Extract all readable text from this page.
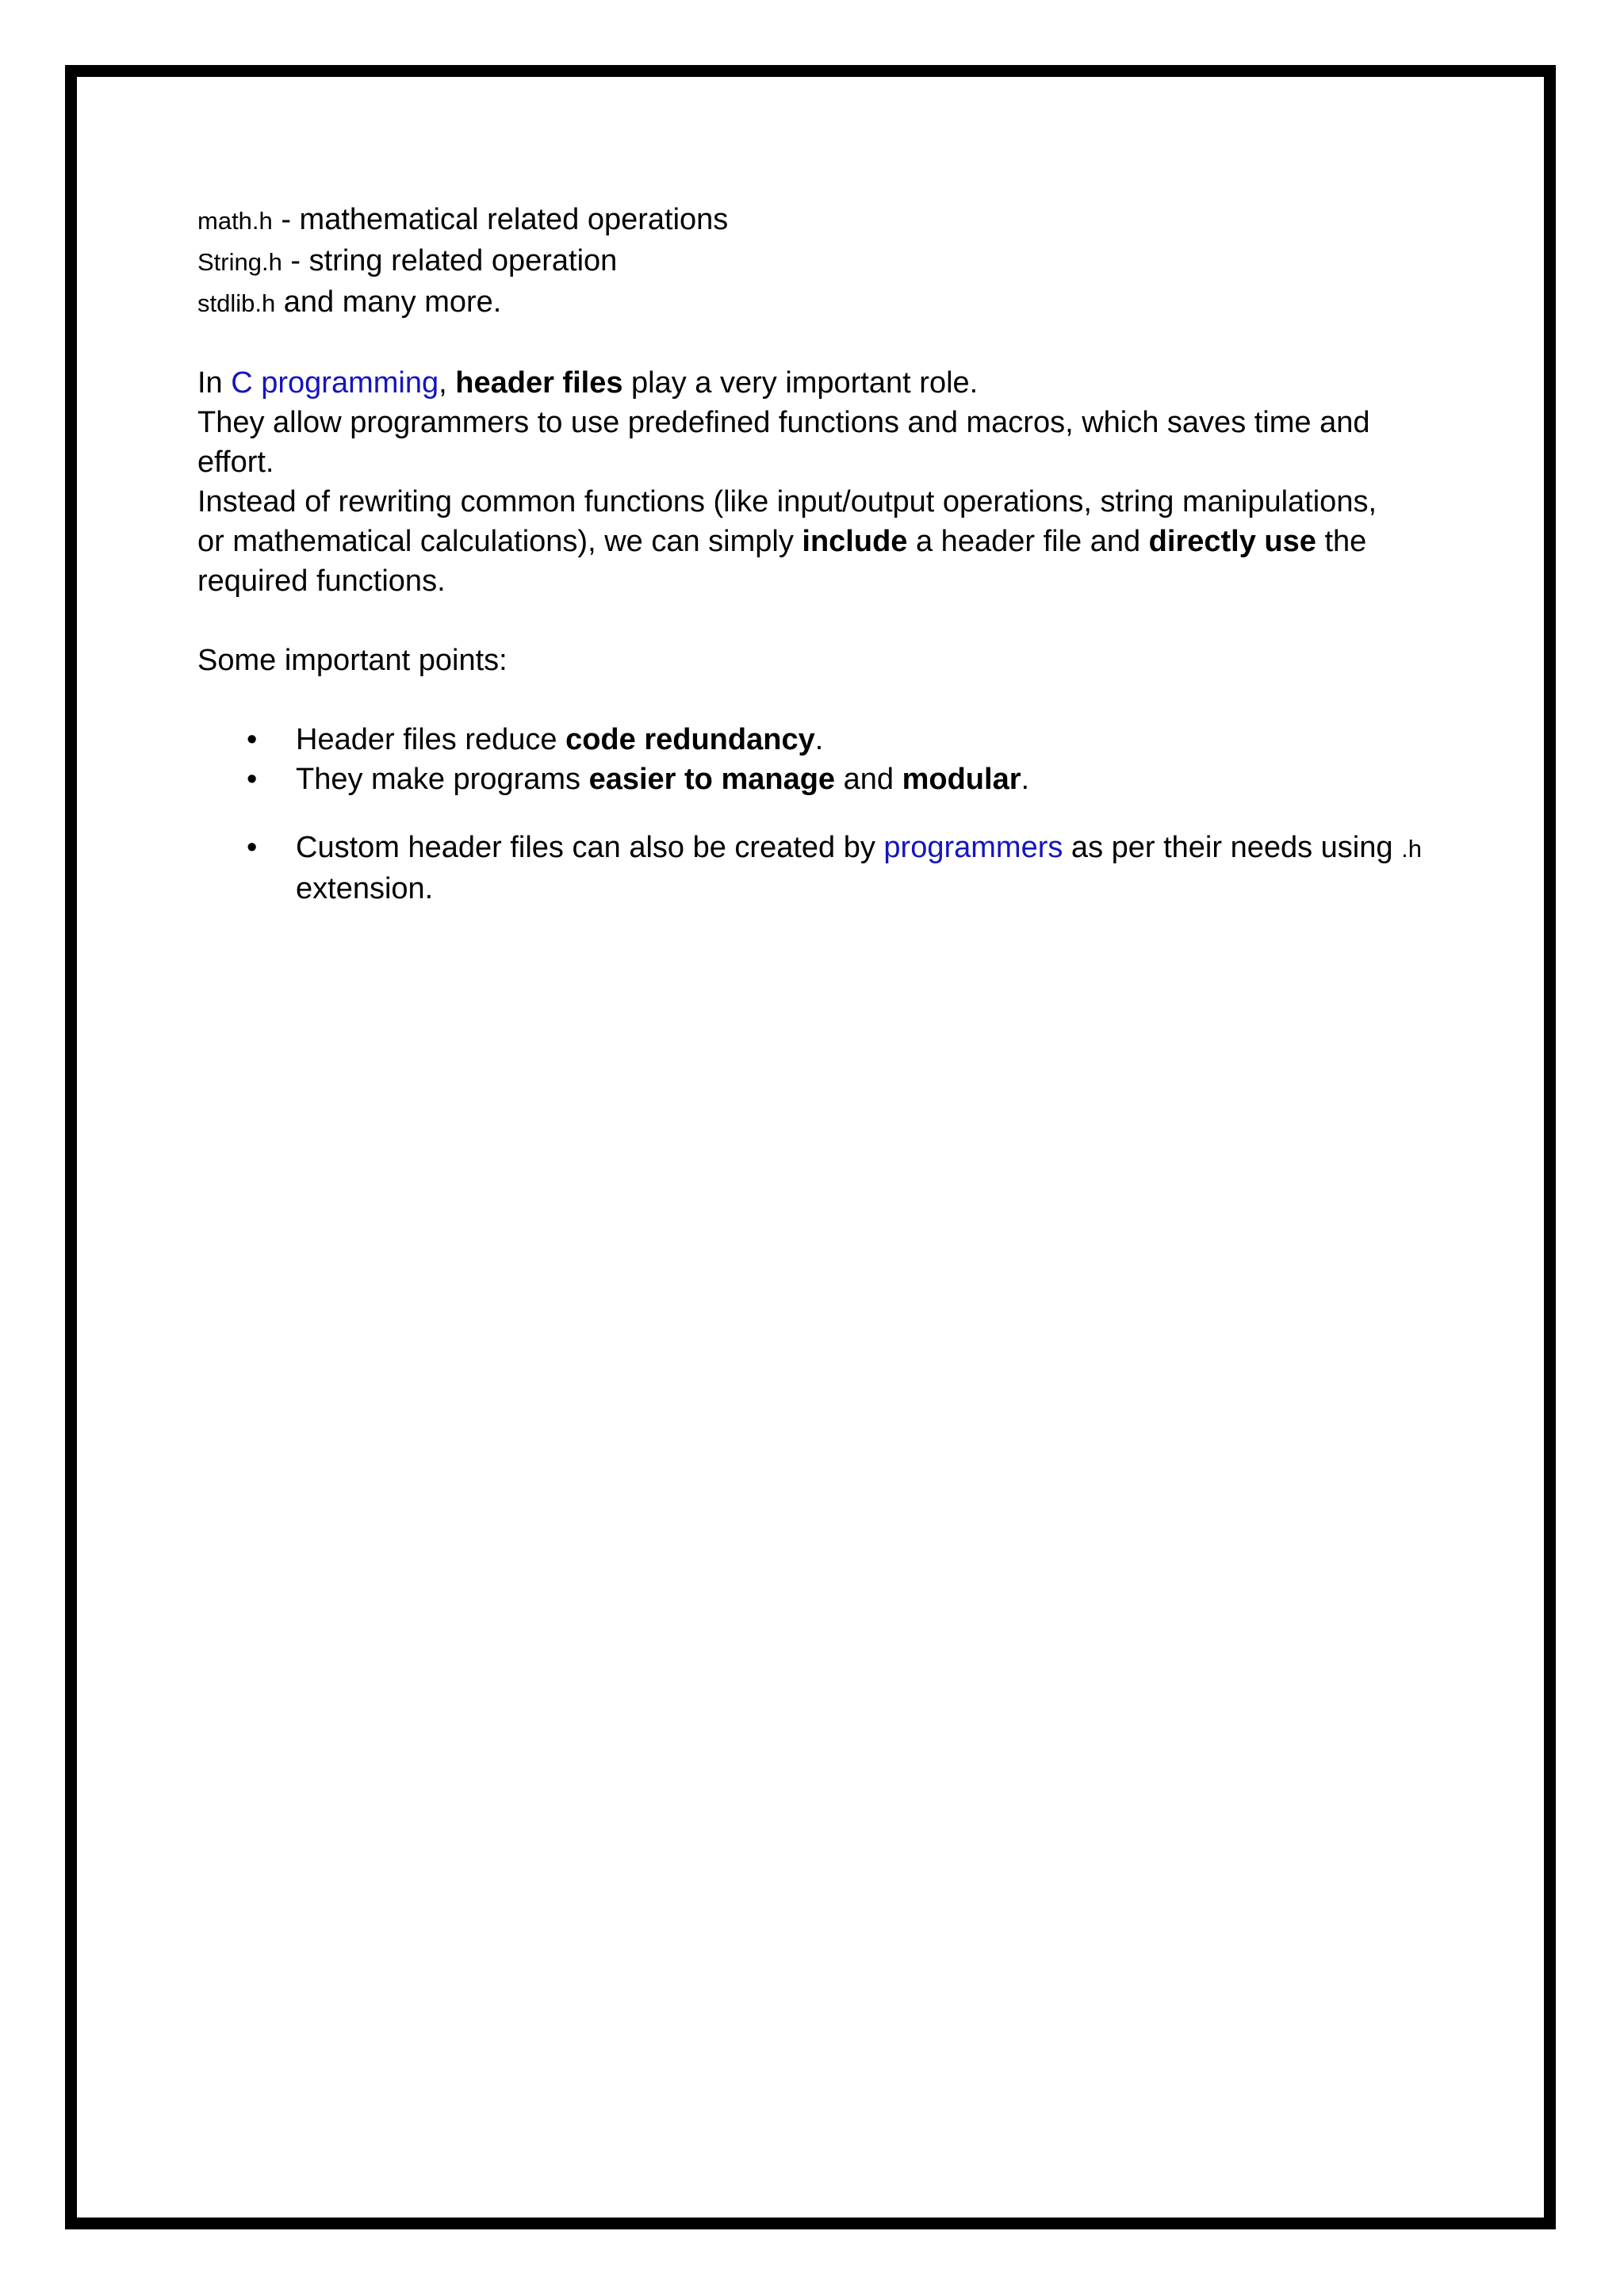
math.h - mathematical related operations
String.h - string related operation
stdlib.h and many more.
In C programming, header files play a very important role.
They allow programmers to use predefined functions and macros, which saves time and
effort.
Instead of rewriting common functions (like input/output operations, string manipulations,
or mathematical calculations), we can simply include a header file and directly use the
required functions.
Some important points:
• Header files reduce code redundancy.
• They make programs easier to manage and modular.
• Custom header files can also be created by programmers as per their needs using .h
extension.
